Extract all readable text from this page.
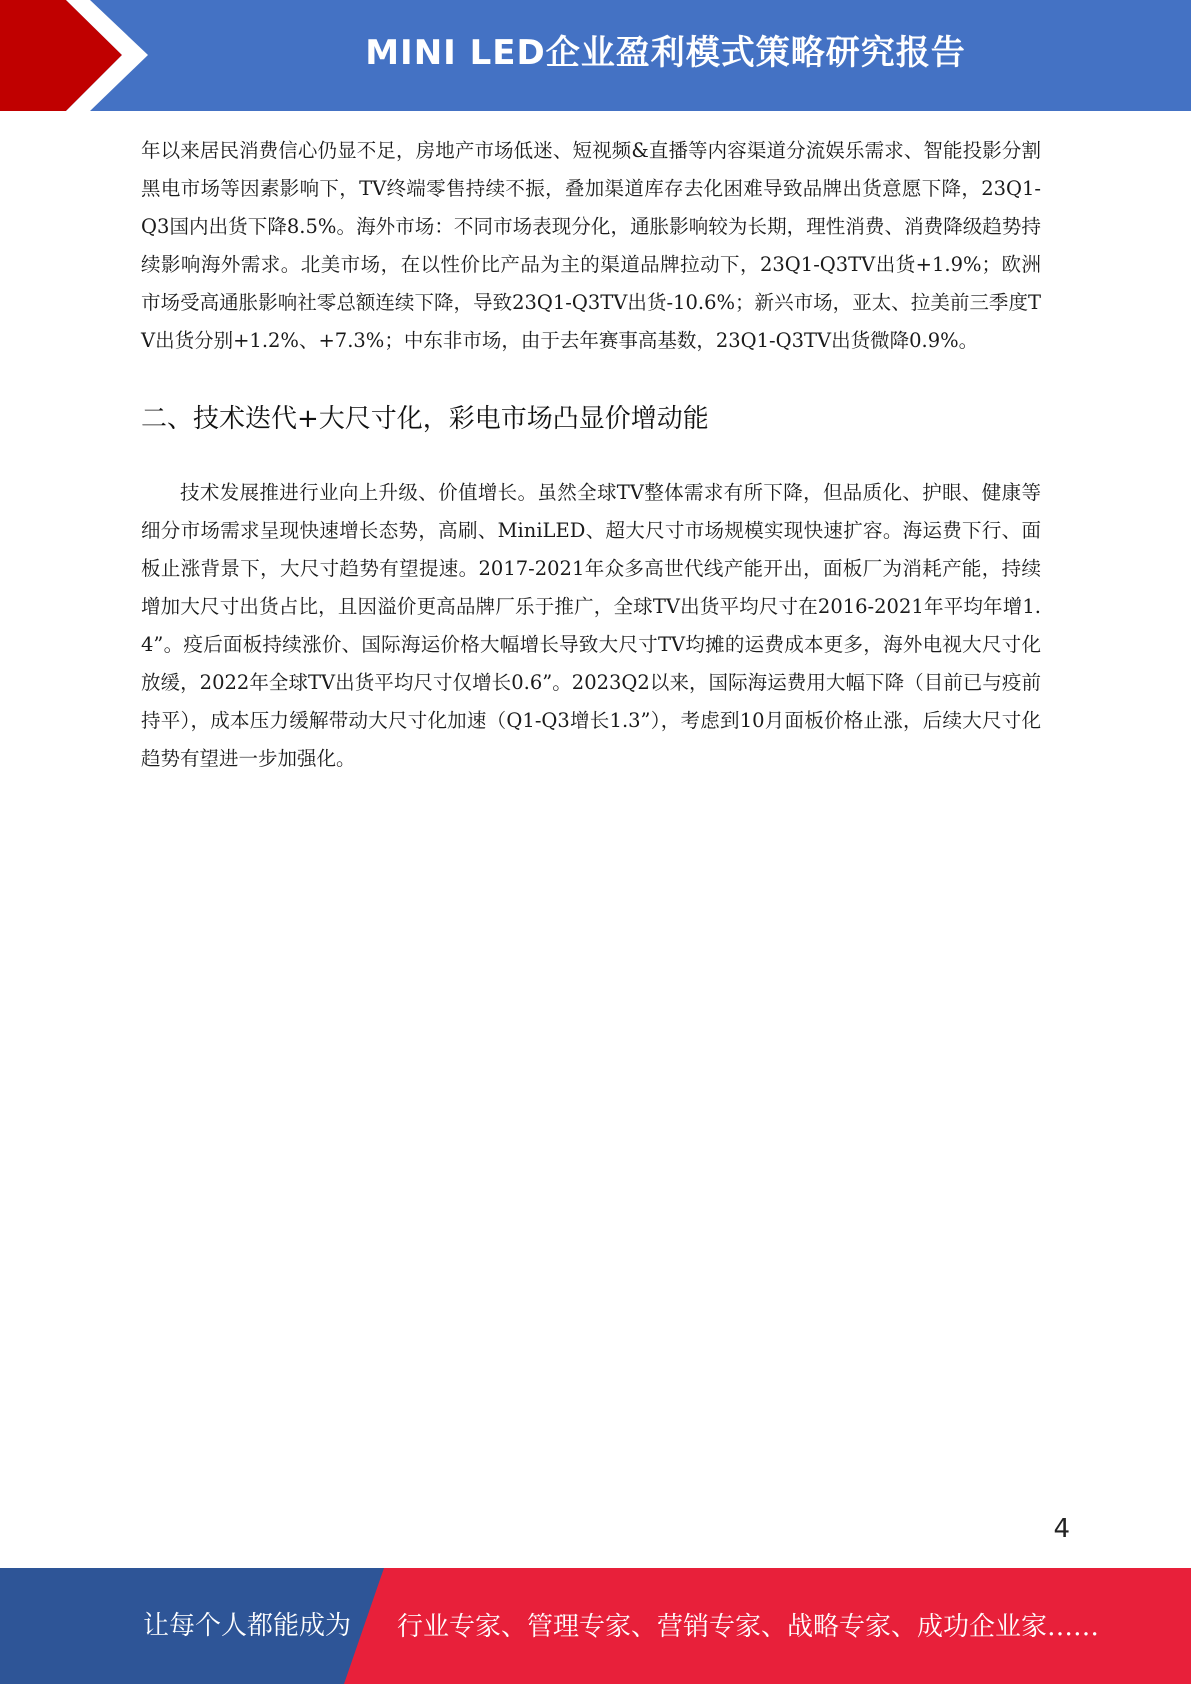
MINI LED企业盈利模式策略研究报告

年以来居民消费信心仍显不足，房地产市场低迷、短视频&直播等内容渠道分流娱乐需求、智能投影分割黑电市场等因素影响下，TV终端零售持续不振，叠加渠道库存去化困难导致品牌出货意愿下降，23Q1-Q3国内出货下降8.5%。海外市场：不同市场表现分化，通胀影响较为长期，理性消费、消费降级趋势持续影响海外需求。北美市场，在以性价比产品为主的渠道品牌拉动下，23Q1-Q3TV出货+1.9%；欧洲市场受高通胀影响社零总额连续下降，导致23Q1-Q3TV出货-10.6%；新兴市场，亚太、拉美前三季度TV出货分别+1.2%、+7.3%；中东非市场，由于去年赛事高基数，23Q1-Q3TV出货微降0.9%。

二、技术迭代+大尺寸化，彩电市场凸显价增动能

技术发展推进行业向上升级、价值增长。虽然全球TV整体需求有所下降，但品质化、护眼、健康等细分市场需求呈现快速增长态势，高刷、MiniLED、超大尺寸市场规模实现快速扩容。海运费下行、面板止涨背景下，大尺寸趋势有望提速。2017-2021年众多高世代线产能开出，面板厂为消耗产能，持续增加大尺寸出货占比，且因溢价更高品牌厂乐于推广，全球TV出货平均尺寸在2016-2021年平均年增1.4”。疫后面板持续涨价、国际海运价格大幅增长导致大尺寸TV均摊的运费成本更多，海外电视大尺寸化放缓，2022年全球TV出货平均尺寸仅增长0.6”。2023Q2以来，国际海运费用大幅下降（目前已与疫前持平），成本压力缓解带动大尺寸化加速（Q1-Q3增长1.3”），考虑到10月面板价格止涨，后续大尺寸化趋势有望进一步加强化。

4
让每个人都能成为 行业专家、管理专家、营销专家、战略专家、成功企业家……
